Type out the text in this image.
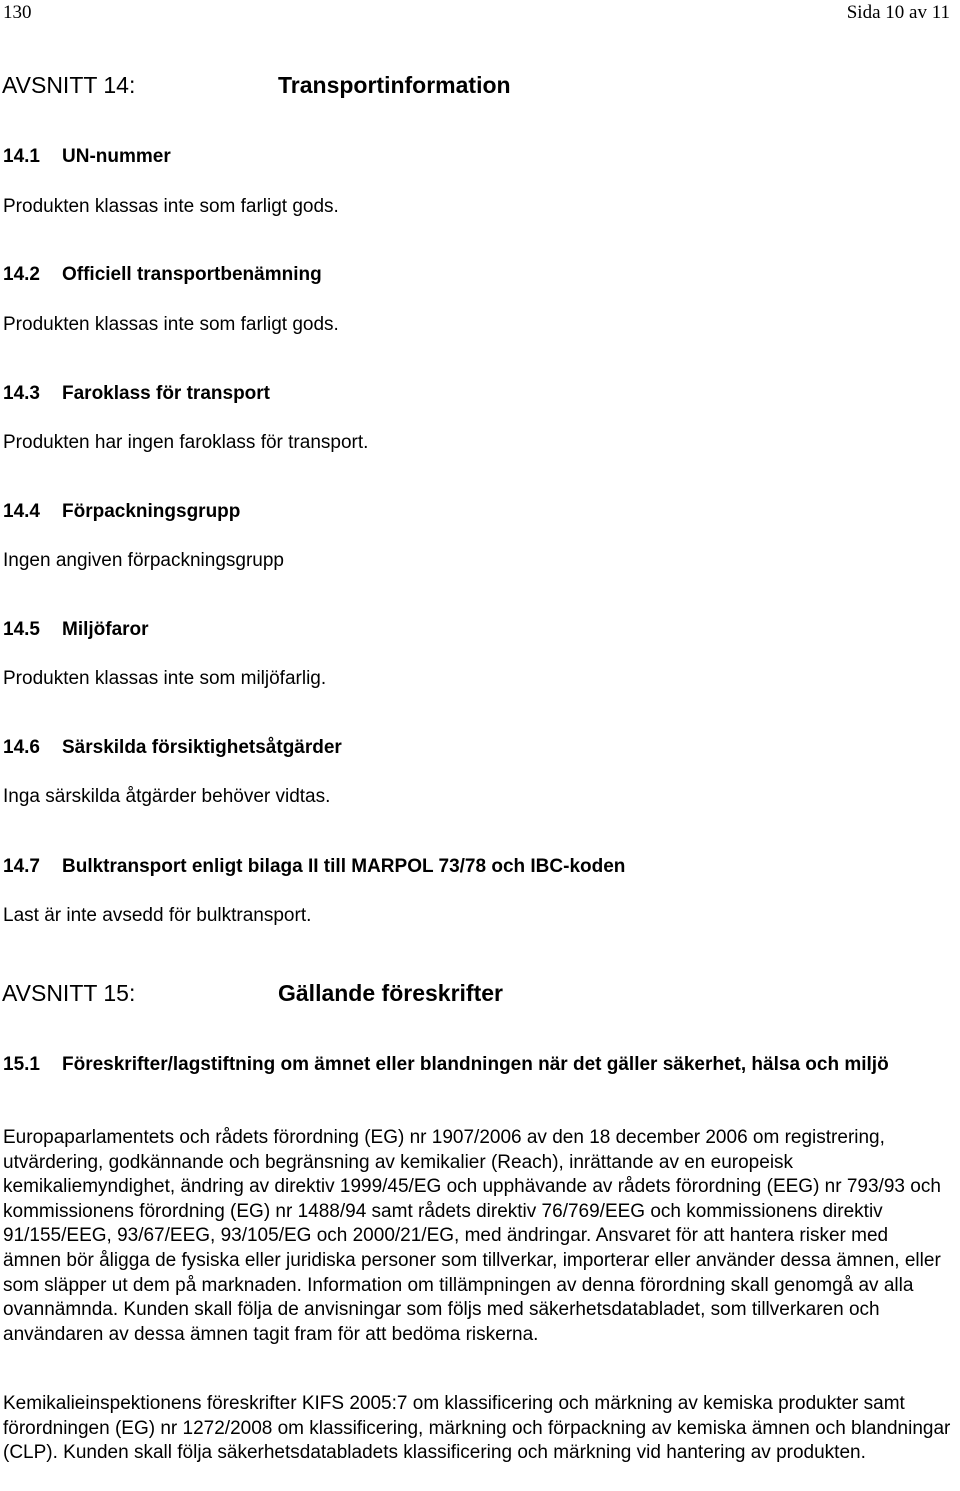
130	Sida 10 av 11
AVSNITT 14:	Transportinformation
14.1 UN-nummer
Produkten klassas inte som farligt gods.
14.2 Officiell transportbenämning
Produkten klassas inte som farligt gods.
14.3 Faroklass för transport
Produkten har ingen faroklass för transport.
14.4 Förpackningsgrupp
Ingen angiven förpackningsgrupp
14.5 Miljöfaror
Produkten klassas inte som miljöfarlig.
14.6 Särskilda försiktighetsåtgärder
Inga särskilda åtgärder behöver vidtas.
14.7 Bulktransport enligt bilaga II till MARPOL 73/78 och IBC-koden
Last är inte avsedd för bulktransport.
AVSNITT 15:	Gällande föreskrifter
15.1 Föreskrifter/lagstiftning om ämnet eller blandningen när det gäller säkerhet, hälsa och miljö
Europaparlamentets och rådets förordning (EG) nr 1907/2006 av den 18 december 2006 om registrering, utvärdering, godkännande och begränsning av kemikalier (Reach), inrättande av en europeisk kemikaliemyndighet, ändring av direktiv 1999/45/EG och upphävande av rådets förordning (EEG) nr 793/93 och kommissionens förordning (EG) nr 1488/94 samt rådets direktiv 76/769/EEG och kommissionens direktiv 91/155/EEG, 93/67/EEG, 93/105/EG och 2000/21/EG, med ändringar. Ansvaret för att hantera risker med ämnen bör åligga de fysiska eller juridiska personer som tillverkar, importerar eller använder dessa ämnen, eller som släpper ut dem på marknaden. Information om tillämpningen av denna förordning skall genomgå av alla ovannämnda. Kunden skall följa de anvisningar som följs med säkerhetsdatabladet, som tillverkaren och användaren av dessa ämnen tagit fram för att bedöma riskerna.
Kemikalieinspektionens föreskrifter KIFS 2005:7 om klassificering och märkning av kemiska produkter samt förordningen (EG) nr 1272/2008 om klassificering, märkning och förpackning av kemiska ämnen och blandningar (CLP). Kunden skall följa säkerhetsdatabladets klassificering och märkning vid hantering av produkten.
